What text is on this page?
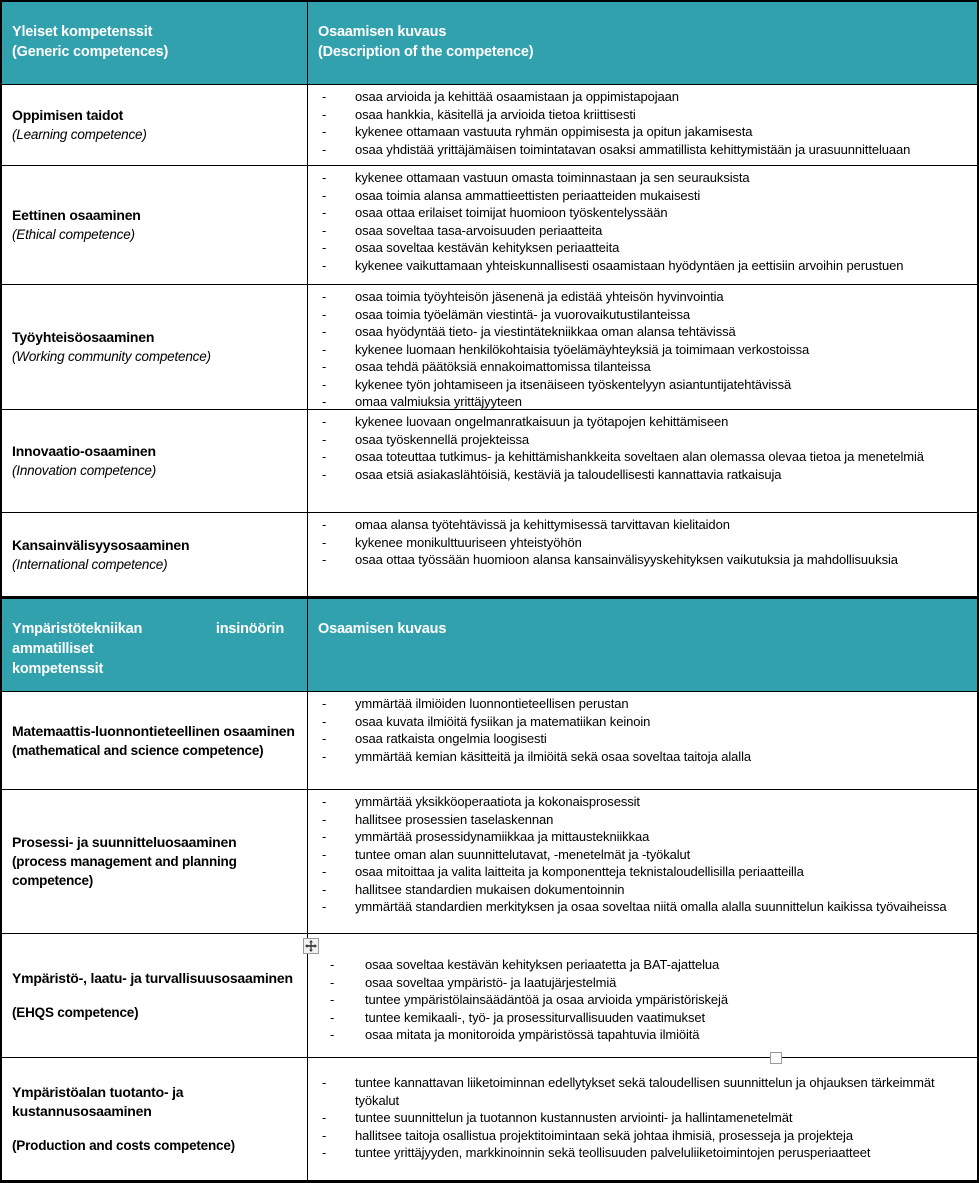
Yleiset kompetenssit
(Generic competences)
Osaamisen kuvaus
(Description of the competence)
Oppimisen taidot
(Learning competence)
-	osaa arvioida ja kehittää osaamistaan ja oppimistapojaan
-	osaa hankkia, käsitellä ja arvioida tietoa kriittisesti
-	kykenee ottamaan vastuuta ryhmän oppimisesta ja opitun jakamisesta
-	osaa yhdistää yrittäjämäisen toimintatavan osaksi ammatillista kehittymistään ja urasuunnitteluaan
Eettinen osaaminen
(Ethical competence)
-	kykenee ottamaan vastuun omasta toiminnastaan ja sen seurauksista
-	osaa toimia alansa ammattieettisten periaatteiden mukaisesti
-	osaa ottaa erilaiset toimijat huomioon työskentelyssään
-	osaa soveltaa tasa-arvoisuuden periaatteita
-	osaa soveltaa kestävän kehityksen periaatteita
-	kykenee vaikuttamaan yhteiskunnallisesti osaamistaan hyödyntäen ja eettisiin arvoihin perustuen
Työyhteisöosaaminen
(Working community competence)
-	osaa toimia työyhteisön jäsenenä ja edistää yhteisön hyvinvointia
-	osaa toimia työelämän viestintä- ja vuorovaikutustilanteissa
-	osaa hyödyntää tieto- ja viestintätekniikkaa oman alansa tehtävissä
-	kykenee luomaan henkilökohtaisia työelämäyhteyksiä ja toimimaan verkostoissa
-	osaa tehdä päätöksiä ennakoimattomissa tilanteissa
-	kykenee työn johtamiseen ja itsenäiseen työskentelyyn asiantuntijatehtävissä
-	omaa valmiuksia yrittäjyyteen
Innovaatio-osaaminen
(Innovation competence)
-	kykenee luovaan ongelmanratkaisuun ja työtapojen kehittämiseen
-	osaa työskennellä projekteissa
-	osaa toteuttaa tutkimus- ja kehittämishankkeita soveltaen alan olemassa olevaa tietoa ja menetelmiä
-	osaa etsiä asiakaslähtöisiä, kestäviä ja taloudellisesti kannattavia ratkaisuja
Kansainvälisyysosaaminen
(International competence)
-	omaa alansa työtehtävissä ja kehittymisessä tarvittavan kielitaidon
-	kykenee monikulttuuriseen yhteistyöhön
-	osaa ottaa työssään huomioon alansa kansainvälisyyskehityksen vaikutuksia ja mahdollisuuksia
Ympäristötekniikan	insinöörin
ammatilliset
kompetenssit
Osaamisen kuvaus
Matemaattis-luonnontieteellinen osaaminen
(mathematical and science competence)
-	ymmärtää ilmiöiden luonnontieteellisen perustan
-	osaa kuvata ilmiöitä fysiikan ja matematiikan keinoin
-	osaa ratkaista ongelmia loogisesti
-	ymmärtää kemian käsitteitä ja ilmiöitä sekä osaa soveltaa taitoja alalla
Prosessi- ja suunnitteluosaaminen
(process management and planning competence)
-	ymmärtää yksikköoperaatiota ja kokonaisprosessit
-	hallitsee prosessien taselaskennan
-	ymmärtää prosessidynamiikkaa ja mittaustekniikkaa
-	tuntee oman alan suunnittelutavat, -menetelmät ja -työkalut
-	osaa mitoittaa ja valita laitteita ja komponentteja teknistaloudellisilla periaatteilla
-	hallitsee standardien mukaisen dokumentoinnin
-	ymmärtää standardien merkityksen ja osaa soveltaa niitä omalla alalla suunnittelun kaikissa työvaiheissa
Ympäristö-, laatu- ja turvallisuusosaaminen
(EHQS competence)
-	osaa soveltaa kestävän kehityksen periaatetta ja BAT-ajattelua
-	osaa soveltaa ympäristö- ja laatujärjestelmiä
-	tuntee ympäristölainsäädäntöä ja osaa arvioida ympäristöriskejä
-	tuntee kemikaali-, työ- ja prosessiturvallisuuden vaatimukset
-	osaa mitata ja monitoroida ympäristössä tapahtuvia ilmiöitä
Ympäristöalan tuotanto- ja kustannusosaaminen
(Production and costs competence)
-	tuntee kannattavan liiketoiminnan edellytykset sekä taloudellisen suunnittelun ja ohjauksen tärkeimmät työkalut
-	tuntee suunnittelun ja tuotannon kustannusten arviointi- ja hallintamenetelmät
-	hallitsee taitoja osallistua projektitoimintaan sekä johtaa ihmisiä, prosesseja ja projekteja
-	tuntee yrittäjyyden, markkinoinnin sekä teollisuuden palveluliiketoimintojen perusperiaatteet
